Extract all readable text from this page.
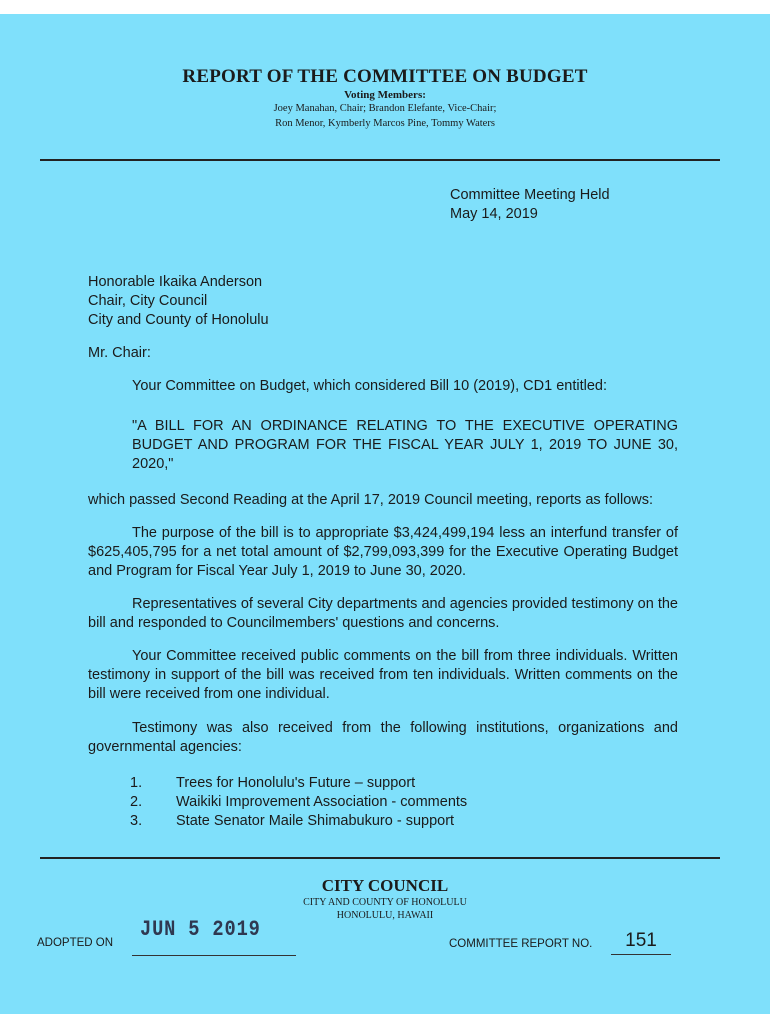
REPORT OF THE COMMITTEE ON BUDGET
Voting Members:
Joey Manahan, Chair; Brandon Elefante, Vice-Chair;
Ron Menor, Kymberly Marcos Pine, Tommy Waters
Committee Meeting Held
May 14, 2019
Honorable Ikaika Anderson
Chair, City Council
City and County of Honolulu
Mr. Chair:
Your Committee on Budget, which considered Bill 10 (2019), CD1 entitled:
"A BILL FOR AN ORDINANCE RELATING TO THE EXECUTIVE OPERATING BUDGET AND PROGRAM FOR THE FISCAL YEAR JULY 1, 2019 TO JUNE 30, 2020,"
which passed Second Reading at the April 17, 2019 Council meeting, reports as follows:
The purpose of the bill is to appropriate $3,424,499,194 less an interfund transfer of $625,405,795 for a net total amount of $2,799,093,399 for the Executive Operating Budget and Program for Fiscal Year July 1, 2019 to June 30, 2020.
Representatives of several City departments and agencies provided testimony on the bill and responded to Councilmembers' questions and concerns.
Your Committee received public comments on the bill from three individuals. Written testimony in support of the bill was received from ten individuals. Written comments on the bill were received from one individual.
Testimony was also received from the following institutions, organizations and governmental agencies:
1.	Trees for Honolulu's Future – support
2.	Waikiki Improvement Association - comments
3.	State Senator Maile Shimabukuro - support
CITY COUNCIL
CITY AND COUNTY OF HONOLULU
HONOLULU, HAWAII
ADOPTED ON
JUN 5 2019
COMMITTEE REPORT NO.	151
